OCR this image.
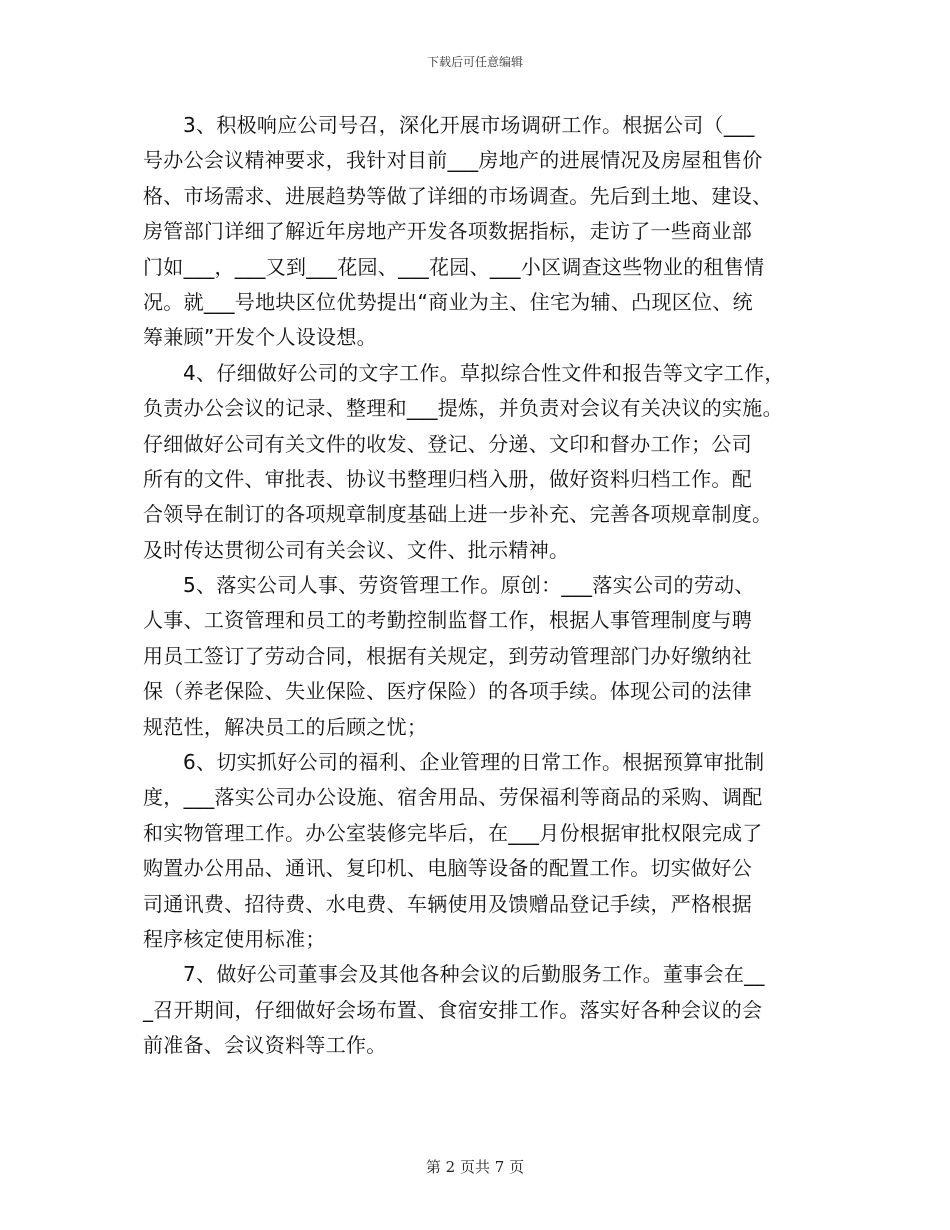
下载后可任意编辑
3、积极响应公司号召，深化开展市场调研工作。根据公司（___
号办公会议精神要求，我针对目前___房地产的进展情况及房屋租售价
格、市场需求、进展趋势等做了详细的市场调查。先后到土地、建设、
房管部门详细了解近年房地产开发各项数据指标，走访了一些商业部
门如___，___又到___花园、___花园、___小区调查这些物业的租售情
况。就___号地块区位优势提出“商业为主、住宅为辅、凸现区位、统
筹兼顾”开发个人设设想。
4、仔细做好公司的文字工作。草拟综合性文件和报告等文字工作，
负责办公会议的记录、整理和___提炼，并负责对会议有关决议的实施。
仔细做好公司有关文件的收发、登记、分递、文印和督办工作；公司
所有的文件、审批表、协议书整理归档入册，做好资料归档工作。配
合领导在制订的各项规章制度基础上进一步补充、完善各项规章制度。
及时传达贯彻公司有关会议、文件、批示精神。
5、落实公司人事、劳资管理工作。原创：___落实公司的劳动、
人事、工资管理和员工的考勤控制监督工作，根据人事管理制度与聘
用员工签订了劳动合同，根据有关规定，到劳动管理部门办好缴纳社
保（养老保险、失业保险、医疗保险）的各项手续。体现公司的法律
规范性，解决员工的后顾之忧；
6、切实抓好公司的福利、企业管理的日常工作。根据预算审批制
度，___落实公司办公设施、宿舍用品、劳保福利等商品的采购、调配
和实物管理工作。办公室装修完毕后，在___月份根据审批权限完成了
购置办公用品、通讯、复印机、电脑等设备的配置工作。切实做好公
司通讯费、招待费、水电费、车辆使用及馈赠品登记手续，严格根据
程序核定使用标准；
7、做好公司董事会及其他各种会议的后勤服务工作。董事会在__
_召开期间，仔细做好会场布置、食宿安排工作。落实好各种会议的会
前准备、会议资料等工作。
第 2 页共 7 页
